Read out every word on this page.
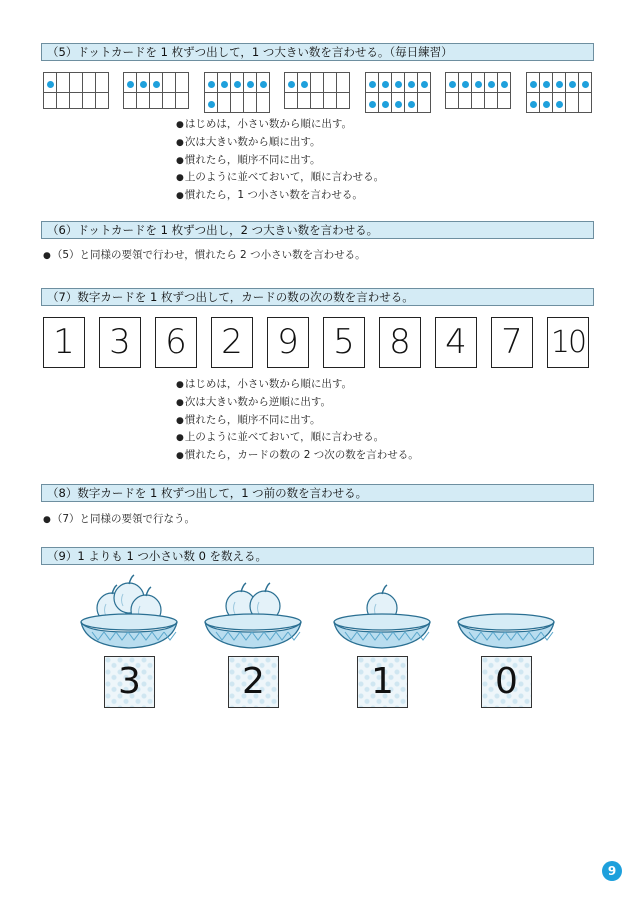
（5）ドットカードを 1 枚ずつ出して，1 つ大きい数を言わせる。（毎日練習）

● はじめは，小さい数から順に出す。
● 次は大きい数から順に出す。
● 慣れたら，順序不同に出す。
● 上のように並べておいて，順に言わせる。
● 慣れたら，1 つ小さい数を言わせる。
（6）ドットカードを 1 枚ずつ出し，2 つ大きい数を言わせる。
● （5）と同様の要領で行わせ，慣れたら 2 つ小さい数を言わせる。
（7）数字カードを 1 枚ずつ出して，カードの数の次の数を言わせる。
1 3 6 2 9 5 8 4 7 10
● はじめは，小さい数から順に出す。
● 次は大きい数から逆順に出す。
● 慣れたら，順序不同に出す。
● 上のように並べておいて，順に言わせる。
● 慣れたら，カードの数の 2 つ次の数を言わせる。
（8）数字カードを 1 枚ずつ出して，1 つ前の数を言わせる。
● （7）と同様の要領で行なう。
（9）1 よりも 1 つ小さい数 0 を数える。
3	2	1	0
9
